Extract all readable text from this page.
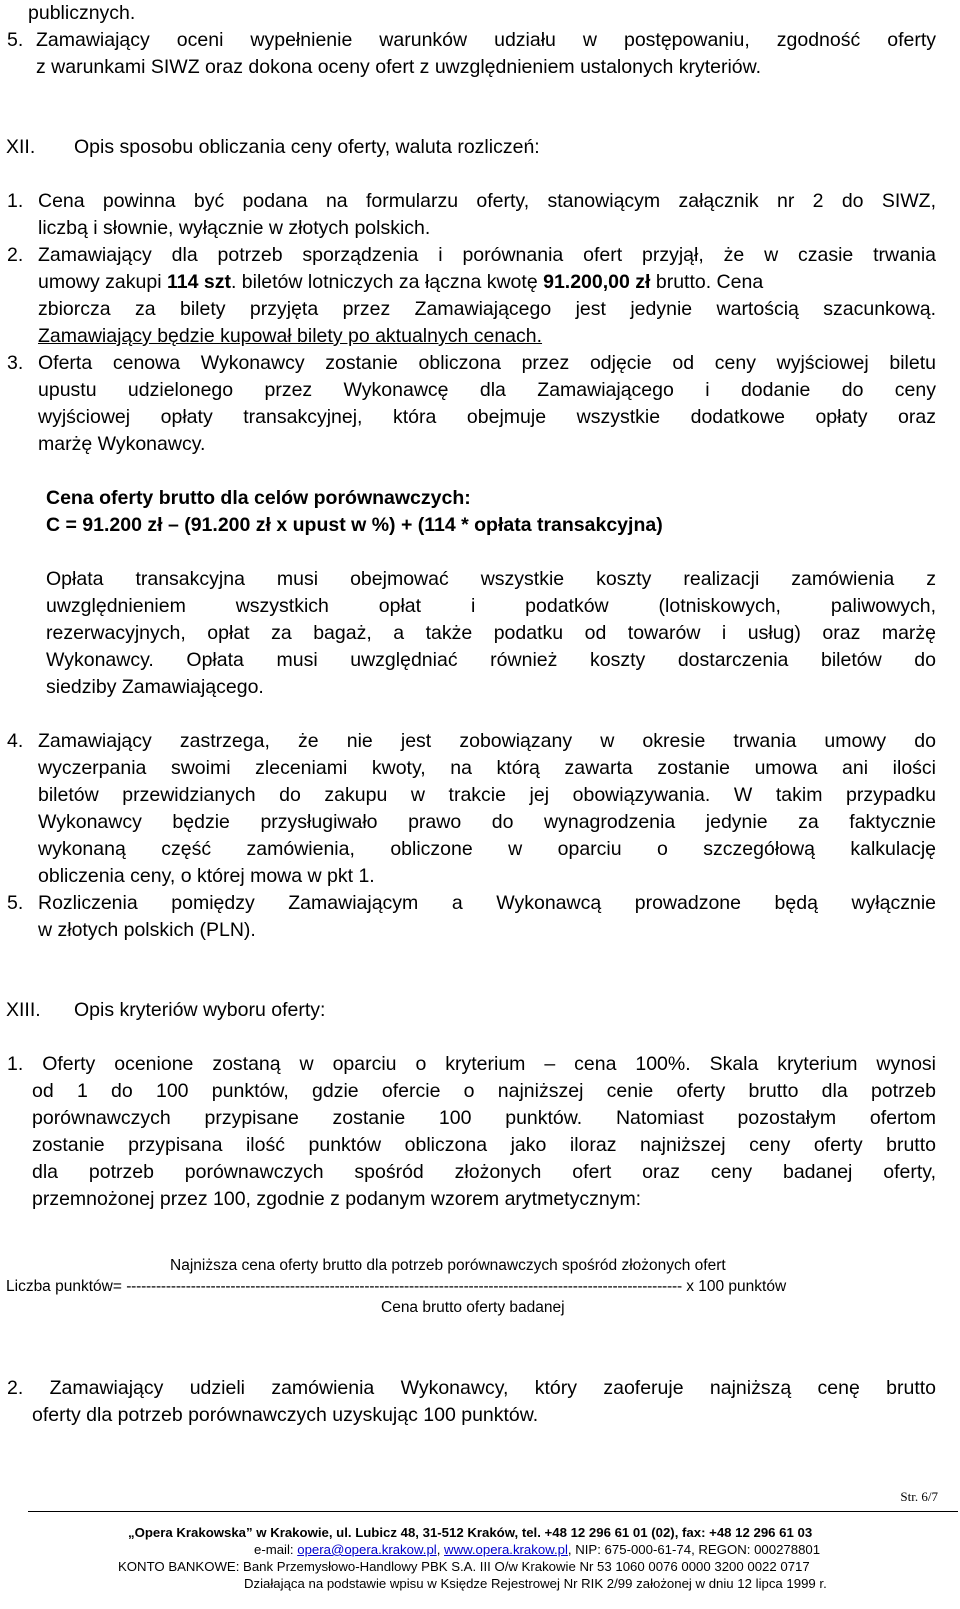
publicznych.
5. Zamawiający oceni wypełnienie warunków udziału w postępowaniu, zgodność oferty
z warunkami SIWZ oraz dokona oceny ofert z uwzględnieniem ustalonych kryteriów.
XII. Opis sposobu obliczania ceny oferty, waluta rozliczeń:
1. Cena powinna być podana na formularzu oferty, stanowiącym załącznik nr 2 do SIWZ,
liczbą i słownie, wyłącznie w złotych polskich.
2. Zamawiający dla potrzeb sporządzenia i porównania ofert przyjął, że w czasie trwania
umowy zakupi 114 szt. biletów lotniczych za łączna kwotę 91.200,00 zł brutto. Cena
zbiorcza za bilety przyjęta przez Zamawiającego jest jedynie wartością szacunkową.
Zamawiający będzie kupował bilety po aktualnych cenach.
3. Oferta cenowa Wykonawcy zostanie obliczona przez odjęcie od ceny wyjściowej biletu
upustu udzielonego przez Wykonawcę dla Zamawiającego i dodanie do ceny
wyjściowej opłaty transakcyjnej, która obejmuje wszystkie dodatkowe opłaty oraz
marżę Wykonawcy.
Cena oferty brutto dla celów porównawczych:
C = 91.200 zł – (91.200 zł x upust w %) + (114 * opłata transakcyjna)
Opłata transakcyjna musi obejmować wszystkie koszty realizacji zamówienia z
uwzględnieniem wszystkich opłat i podatków (lotniskowych, paliwowych,
rezerwacyjnych, opłat za bagaż, a także podatku od towarów i usług) oraz marżę
Wykonawcy. Opłata musi uwzględniać również koszty dostarczenia biletów do
siedziby Zamawiającego.
4. Zamawiający zastrzega, że nie jest zobowiązany w okresie trwania umowy do
wyczerpania swoimi zleceniami kwoty, na którą zawarta zostanie umowa ani ilości
biletów przewidzianych do zakupu w trakcie jej obowiązywania. W takim przypadku
Wykonawcy będzie przysługiwało prawo do wynagrodzenia jedynie za faktycznie
wykonaną część zamówienia, obliczone w oparciu o szczegółową kalkulację
obliczenia ceny, o której mowa w pkt 1.
5. Rozliczenia pomiędzy Zamawiającym a Wykonawcą prowadzone będą wyłącznie
w złotych polskich (PLN).
XIII. Opis kryteriów wyboru oferty:
1. Oferty ocenione zostaną w oparciu o kryterium – cena 100%. Skala kryterium wynosi
od 1 do 100 punktów, gdzie ofercie o najniższej cenie oferty brutto dla potrzeb
porównawczych przypisane zostanie 100 punktów. Natomiast pozostałym ofertom
zostanie przypisana ilość punktów obliczona jako iloraz najniższej ceny oferty brutto
dla potrzeb porównawczych spośród złożonych ofert oraz ceny badanej oferty,
przemnożonej przez 100, zgodnie z podanym wzorem arytmetycznym:
Najniższa cena oferty brutto dla potrzeb porównawczych spośród złożonych ofert
Liczba punktów= ---------------------------------------------------------------------------------------------------------------- x 100 punktów
Cena brutto oferty badanej
2. Zamawiający udzieli zamówienia Wykonawcy, który zaoferuje najniższą cenę brutto
oferty dla potrzeb porównawczych uzyskując 100 punktów.
Str. 6/7
„Opera Krakowska” w Krakowie, ul. Lubicz 48, 31-512 Kraków, tel. +48 12 296 61 01 (02), fax: +48 12 296 61 03
e-mail: opera@opera.krakow.pl, www.opera.krakow.pl, NIP: 675-000-61-74, REGON: 000278801
KONTO BANKOWE: Bank Przemysłowo-Handlowy PBK S.A. III O/w Krakowie Nr 53 1060 0076 0000 3200 0022 0717
Działająca na podstawie wpisu w Księdze Rejestrowej Nr RIK 2/99 założonej w dniu 12 lipca 1999 r.
